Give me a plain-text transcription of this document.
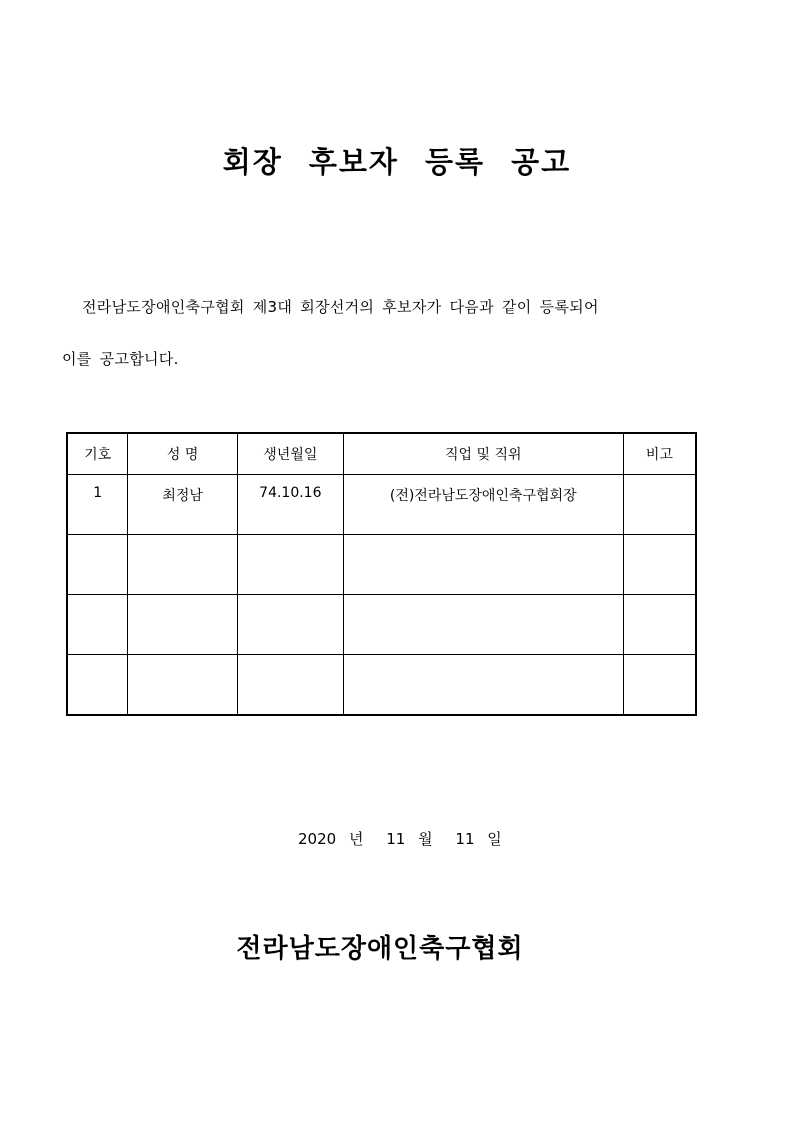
회장 후보자 등록 공고
전라남도장애인축구협회 제3대 회장선거의 후보자가 다음과 같이 등록되어
이를 공고합니다.
기호	성 명	생년월일	직업 및 직위	비고
1	최정남	74.10.16	(전)전라남도장애인축구협회장	

2020 년 11 월 11 일
전라남도장애인축구협회
